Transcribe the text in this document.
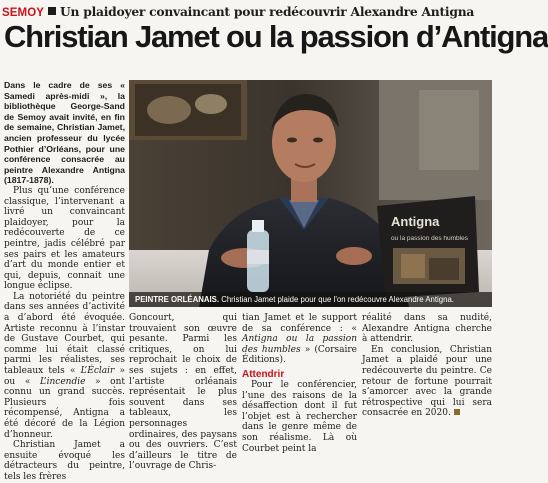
SEMOY Un plaidoyer convaincant pour redécouvrir Alexandre Antigna
Christian Jamet ou la passion d’Antigna

Dans le cadre de ses « Samedi après-midi », la bibliothèque George-Sand de Semoy avait invité, en fin de semaine, Christian Jamet, ancien professeur du lycée Pothier d’Orléans, pour une conférence consacrée au peintre Alexandre Antigna (1817-1878).

Plus qu’une conférence classique, l’intervenant a livré un convaincant plaidoyer, pour la redécouverte de ce peintre, jadis célébré par ses pairs et les amateurs d’art du monde entier et qui, depuis, connait une longue éclipse.

La notoriété du peintre dans ses années d’activité a d’abord été évoquée. Artiste reconnu à l’instar de Gustave Courbet, qui comme lui était classé parmi les réalistes, ses tableaux tels « L’Éclair » ou « L’incendie » ont connu un grand succès. Plusieurs fois récompensé, Antigna a été décoré de la Légion d’honneur.

Christian Jamet a ensuite évoqué les détracteurs du peintre, tels les frères

Antigna
ou la passion des humbles
PEINTRE ORLÉANAIS. Christian Jamet plaide pour que l’on redécouvre Alexandre Antigna.

Goncourt, qui trouvaient son œuvre pesante. Parmi les critiques, on lui reprochait le choix de ses sujets : en effet, l’artiste orléanais représentait le plus souvent dans ses tableaux, les personnages ordinaires, des paysans ou des ouvriers. C’est d’ailleurs le titre de l’ouvrage de Chris-

tian Jamet et le support de sa conférence : « Antigna ou la passion des humbles » (Corsaire Éditions).

Attendrir

Pour le conférencier, l’une des raisons de la désaffection dont il fut l’objet est à rechercher dans le genre même de son réalisme. Là où Courbet peint la

réalité dans sa nudité, Alexandre Antigna cherche à attendrir.

En conclusion, Christian Jamet a plaidé pour une redécouverte du peintre. Ce retour de fortune pourrait s’amorcer avec la grande rétrospective qui lui sera consacrée en 2020.
